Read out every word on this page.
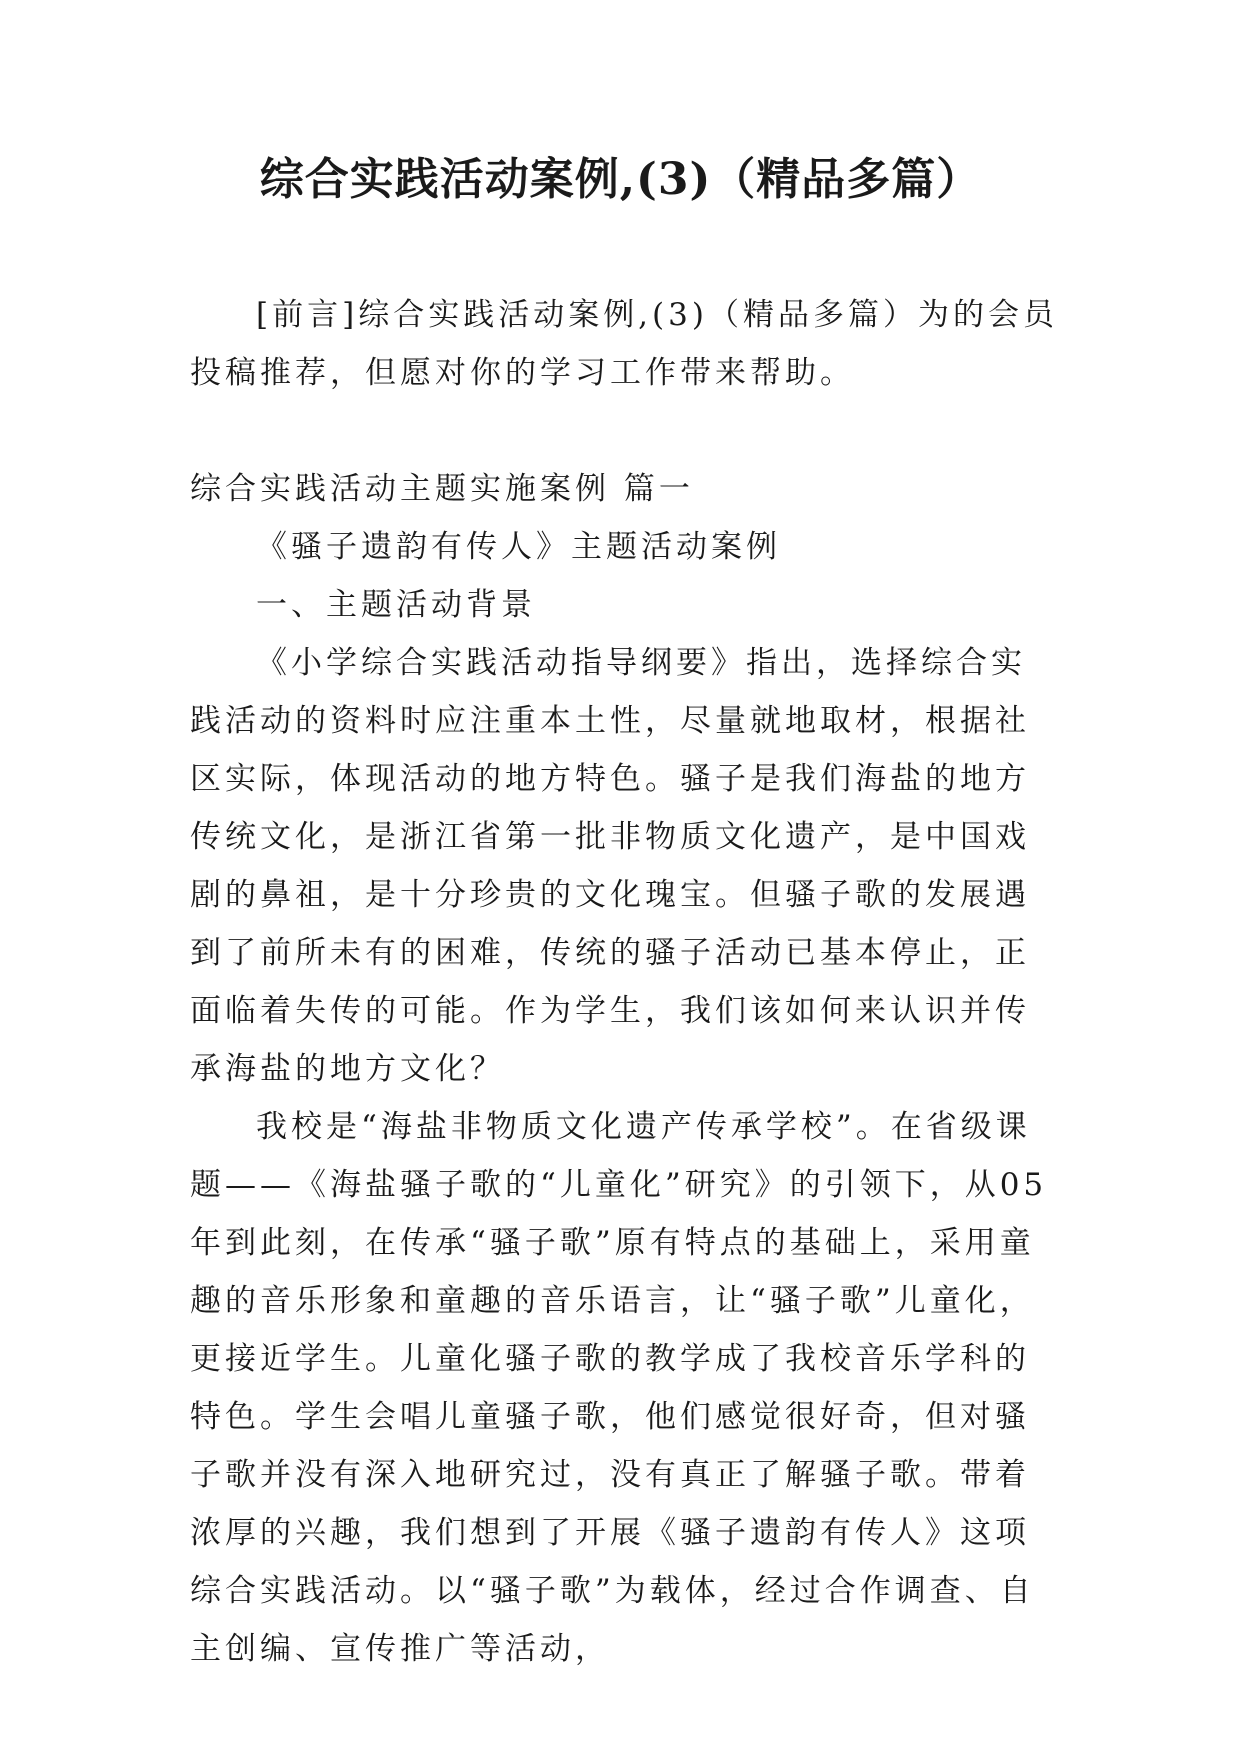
综合实践活动案例,(3)（精品多篇）

[前言]综合实践活动案例,(3)（精品多篇）为的会员投稿推荐，但愿对你的学习工作带来帮助。

综合实践活动主题实施案例 篇一

《骚子遗韵有传人》主题活动案例

一、主题活动背景

《小学综合实践活动指导纲要》指出，选择综合实践活动的资料时应注重本土性，尽量就地取材，根据社区实际，体现活动的地方特色。骚子是我们海盐的地方传统文化，是浙江省第一批非物质文化遗产，是中国戏剧的鼻祖，是十分珍贵的文化瑰宝。但骚子歌的发展遇到了前所未有的困难，传统的骚子活动已基本停止，正面临着失传的可能。作为学生，我们该如何来认识并传承海盐的地方文化？

我校是“海盐非物质文化遗产传承学校”。在省级课题——《海盐骚子歌的“儿童化”研究》的引领下，从05年到此刻，在传承“骚子歌”原有特点的基础上，采用童趣的音乐形象和童趣的音乐语言，让“骚子歌”儿童化，更接近学生。儿童化骚子歌的教学成了我校音乐学科的特色。学生会唱儿童骚子歌，他们感觉很好奇，但对骚子歌并没有深入地研究过，没有真正了解骚子歌。带着浓厚的兴趣，我们想到了开展《骚子遗韵有传人》这项综合实践活动。以“骚子歌”为载体，经过合作调查、自主创编、宣传推广等活动，
